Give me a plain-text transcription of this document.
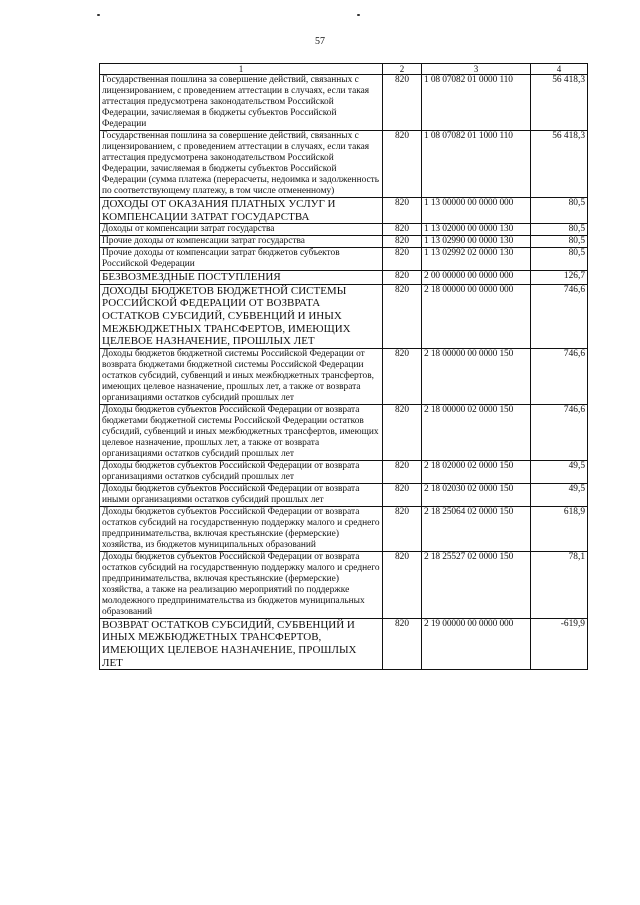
57
1	2	3	4
Государственная пошлина за совершение действий, связанных с лицензированием, с проведением аттестации в случаях, если такая аттестация предусмотрена законодательством Российской Федерации, зачисляемая в бюджеты субъектов Российской Федерации	820	1 08 07082 01 0000 110	56 418,3
Государственная пошлина за совершение действий, связанных с лицензированием, с проведением аттестации в случаях, если такая аттестация предусмотрена законодательством Российской Федерации, зачисляемая в бюджеты субъектов Российской Федерации (сумма платежа (перерасчеты, недоимка и задолженность по соответствующему платежу, в том числе отмененному)	820	1 08 07082 01 1000 110	56 418,3
ДОХОДЫ ОТ ОКАЗАНИЯ ПЛАТНЫХ УСЛУГ И КОМПЕНСАЦИИ ЗАТРАТ ГОСУДАРСТВА	820	1 13 00000 00 0000 000	80,5
Доходы от компенсации затрат государства	820	1 13 02000 00 0000 130	80,5
Прочие доходы от компенсации затрат государства	820	1 13 02990 00 0000 130	80,5
Прочие доходы от компенсации затрат бюджетов субъектов Российской Федерации	820	1 13 02992 02 0000 130	80,5
БЕЗВОЗМЕЗДНЫЕ ПОСТУПЛЕНИЯ	820	2 00 00000 00 0000 000	126,7
ДОХОДЫ БЮДЖЕТОВ БЮДЖЕТНОЙ СИСТЕМЫ РОССИЙСКОЙ ФЕДЕРАЦИИ ОТ ВОЗВРАТА ОСТАТКОВ СУБСИДИЙ, СУБВЕНЦИЙ И ИНЫХ МЕЖБЮДЖЕТНЫХ ТРАНСФЕРТОВ, ИМЕЮЩИХ ЦЕЛЕВОЕ НАЗНАЧЕНИЕ, ПРОШЛЫХ ЛЕТ	820	2 18 00000 00 0000 000	746,6
Доходы бюджетов бюджетной системы Российской Федерации от возврата бюджетами бюджетной системы Российской Федерации остатков субсидий, субвенций и иных межбюджетных трансфертов, имеющих целевое назначение, прошлых лет, а также от возврата организациями остатков субсидий прошлых лет	820	2 18 00000 00 0000 150	746,6
Доходы бюджетов субъектов Российской Федерации от возврата бюджетами бюджетной системы Российской Федерации остатков субсидий, субвенций и иных межбюджетных трансфертов, имеющих целевое назначение, прошлых лет, а также от возврата организациями остатков субсидий прошлых лет	820	2 18 00000 02 0000 150	746,6
Доходы бюджетов субъектов Российской Федерации от возврата организациями остатков субсидий прошлых лет	820	2 18 02000 02 0000 150	49,5
Доходы бюджетов субъектов Российской Федерации от возврата иными организациями остатков субсидий прошлых лет	820	2 18 02030 02 0000 150	49,5
Доходы бюджетов субъектов Российской Федерации от возврата остатков субсидий на государственную поддержку малого и среднего предпринимательства, включая крестьянские (фермерские) хозяйства, из бюджетов муниципальных образований	820	2 18 25064 02 0000 150	618,9
Доходы бюджетов субъектов Российской Федерации от возврата остатков субсидий на государственную поддержку малого и среднего предпринимательства, включая крестьянские (фермерские) хозяйства, а также на реализацию мероприятий по поддержке молодежного предпринимательства из бюджетов муниципальных образований	820	2 18 25527 02 0000 150	78,1
ВОЗВРАТ ОСТАТКОВ СУБСИДИЙ, СУБВЕНЦИЙ И ИНЫХ МЕЖБЮДЖЕТНЫХ ТРАНСФЕРТОВ, ИМЕЮЩИХ ЦЕЛЕВОЕ НАЗНАЧЕНИЕ, ПРОШЛЫХ ЛЕТ	820	2 19 00000 00 0000 000	-619,9
